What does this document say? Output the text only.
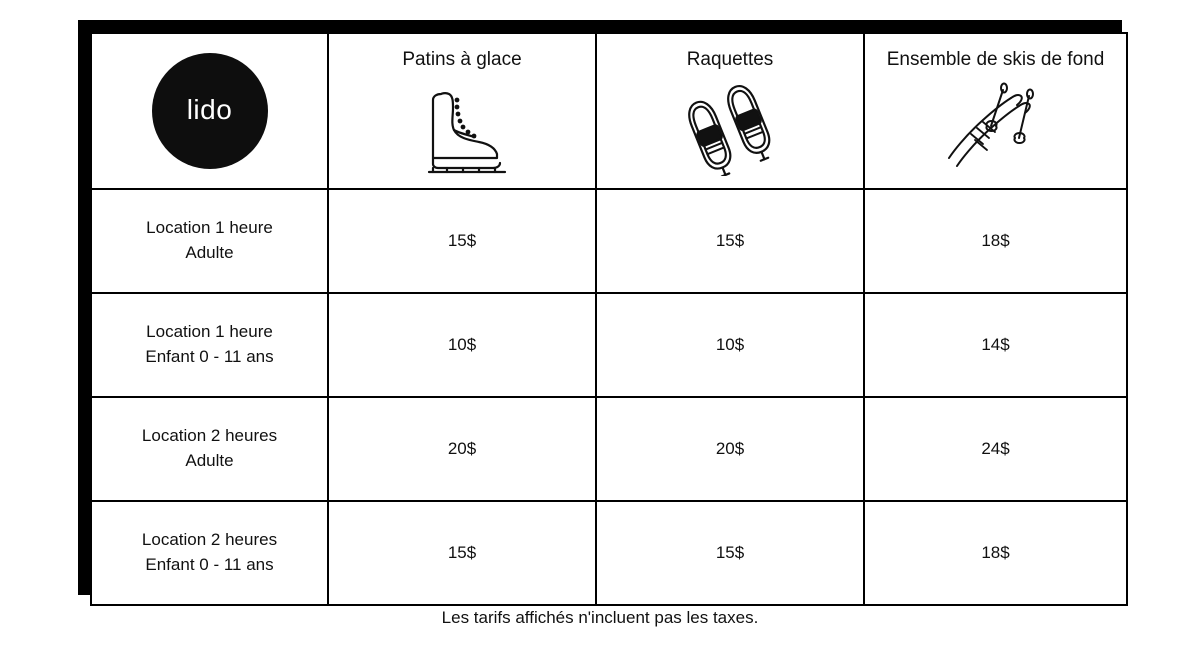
lido	Patins à glace	Raquettes	Ensemble de skis de fond

Location 1 heure
Adulte	15$	15$	18$

Location 1 heure
Enfant 0 - 11 ans	10$	10$	14$

Location 2 heures
Adulte	20$	20$	24$

Location 2 heures
Enfant 0 - 11 ans	15$	15$	18$
Les tarifs affichés n'incluent pas les taxes.
